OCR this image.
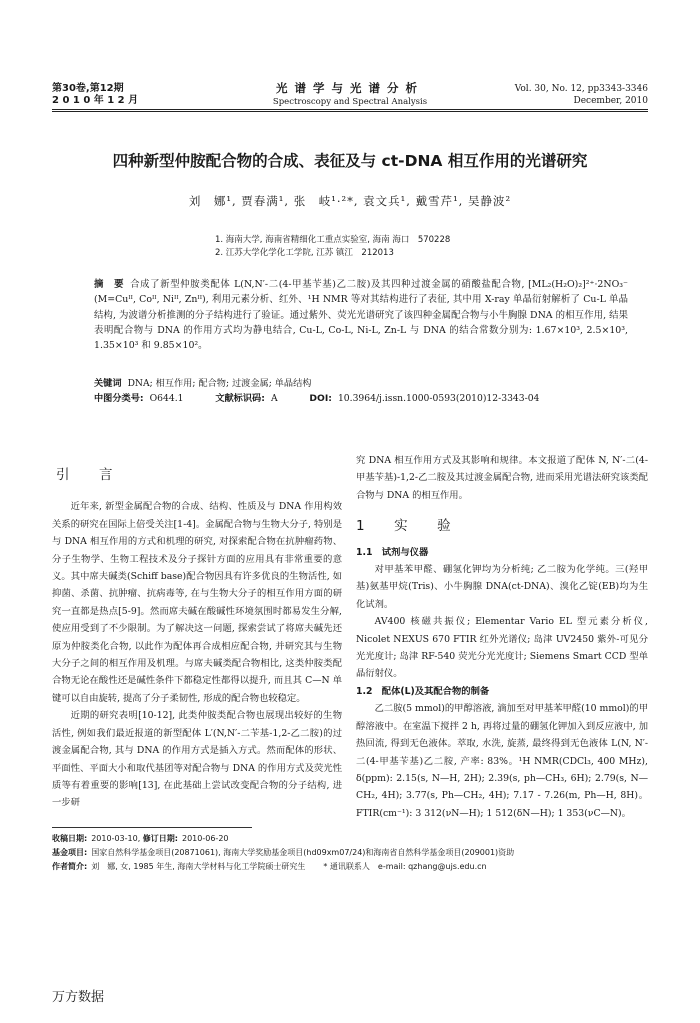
第30卷,第12期
2 0 1 0 年 1 2 月
光谱学与光谱分析
Spectroscopy and Spectral Analysis
Vol. 30, No. 12, pp3343-3346
December, 2010
四种新型仲胺配合物的合成、表征及与 ct-DNA 相互作用的光谱研究
刘　娜¹, 贾春满¹, 张　岐¹·²*, 袁文兵¹, 戴雪芹¹, 吴静波²
1. 海南大学, 海南省精细化工重点实验室, 海南 海口　570228
2. 江苏大学化学化工学院, 江苏 镇江　212013
摘　要 合成了新型仲胺类配体 L(N,N′-二(4-甲基苄基)乙二胺)及其四种过渡金属的硝酸盐配合物, [ML₂(H₂O)₂]²⁺·2NO₃⁻ (M=Cuᴵᴵ, Coᴵᴵ, Niᴵᴵ, Znᴵᴵ), 利用元素分析、红外、¹H NMR 等对其结构进行了表征, 其中用 X-ray 单晶衍射解析了 Cu-L 单晶结构, 为波谱分析推测的分子结构进行了验证。通过紫外、荧光光谱研究了该四种金属配合物与小牛胸腺 DNA 的相互作用, 结果表明配合物与 DNA 的作用方式均为静电结合, Cu-L, Co-L, Ni-L, Zn-L 与 DNA 的结合常数分别为: 1.67×10³, 2.5×10³, 1.35×10³ 和 9.85×10²。
关键词 DNA; 相互作用; 配合物; 过渡金属; 单晶结构
中图分类号: O644.1	文献标识码: A	DOI: 10.3964/j.issn.1000-0593(2010)12-3343-04
引　言
近年来, 新型金属配合物的合成、结构、性质及与 DNA 作用构效关系的研究在国际上倍受关注[1-4]。金属配合物与生物大分子, 特别是与 DNA 相互作用的方式和机理的研究, 对探索配合物在抗肿瘤药物、分子生物学、生物工程技术及分子探针方面的应用具有非常重要的意义。其中席夫碱类(Schiff base)配合物因具有许多优良的生物活性, 如抑菌、杀菌、抗肿瘤、抗病毒等, 在与生物大分子的相互作用方面的研究一直都是热点[5-9]。然而席夫碱在酸碱性环境氛围时都易发生分解, 使应用受到了不少限制。为了解决这一问题, 探索尝试了将席夫碱先还原为仲胺类化合物, 以此作为配体再合成相应配合物, 并研究其与生物大分子之间的相互作用及机理。与席夫碱类配合物相比, 这类仲胺类配合物无论在酸性还是碱性条件下都稳定性都得以提升, 而且其 C—N 单键可以自由旋转, 提高了分子柔韧性, 形成的配合物也较稳定。
近期的研究表明[10-12], 此类仲胺类配合物也展现出较好的生物活性, 例如我们最近报道的新型配体 L′(N,N′-二苄基-1,2-乙二胺)的过渡金属配合物, 其与 DNA 的作用方式是插入方式。然而配体的形状、平面性、平面大小和取代基团等对配合物与 DNA 的作用方式及荧光性质等有着重要的影响[13], 在此基础上尝试改变配合物的分子结构, 进一步研
究 DNA 相互作用方式及其影响和规律。本文报道了配体 N, N′-二(4-甲基苄基)-1,2-乙二胺及其过渡金属配合物, 进而采用光谱法研究该类配合物与 DNA 的相互作用。
1　实　验
1.1　试剂与仪器
对甲基苯甲醛、硼氢化钾均为分析纯; 乙二胺为化学纯。三(羟甲基)氨基甲烷(Tris)、小牛胸腺 DNA(ct-DNA)、溴化乙锭(EB)均为生化试剂。
AV400 核磁共振仪; Elementar Vario EL 型元素分析仪, Nicolet NEXUS 670 FTIR 红外光谱仪; 岛津 UV2450 紫外-可见分光光度计; 岛津 RF-540 荧光分光光度计; Siemens Smart CCD 型单晶衍射仪。
1.2　配体(L)及其配合物的制备
乙二胺(5 mmol)的甲醇溶液, 滴加至对甲基苯甲醛(10 mmol)的甲醇溶液中。在室温下搅拌 2 h, 再将过量的硼氢化钾加入到反应液中, 加热回流, 得到无色液体。萃取, 水洗, 旋蒸, 最终得到无色液体 L(N, N′-二(4-甲基苄基)乙二胺, 产率: 83%。¹H NMR(CDCl₃, 400 MHz), δ(ppm): 2.15(s, N—H, 2H); 2.39(s, ph—CH₃, 6H); 2.79(s, N—CH₂, 4H); 3.77(s, Ph—CH₂, 4H); 7.17 - 7.26(m, Ph—H, 8H)。FTIR(cm⁻¹): 3 312(νN—H); 1 512(δN—H); 1 353(νC—N)。
收稿日期: 2010-03-10, 修订日期: 2010-06-20
基金项目: 国家自然科学基金项目(20871061), 海南大学奖励基金项目(hd09xm07/24)和海南省自然科学基金项目(209001)资助
作者简介: 刘　娜, 女, 1985 年生, 海南大学材料与化工学院硕士研究生 * 通讯联系人　e-mail: qzhang@ujs.edu.cn
万方数据
